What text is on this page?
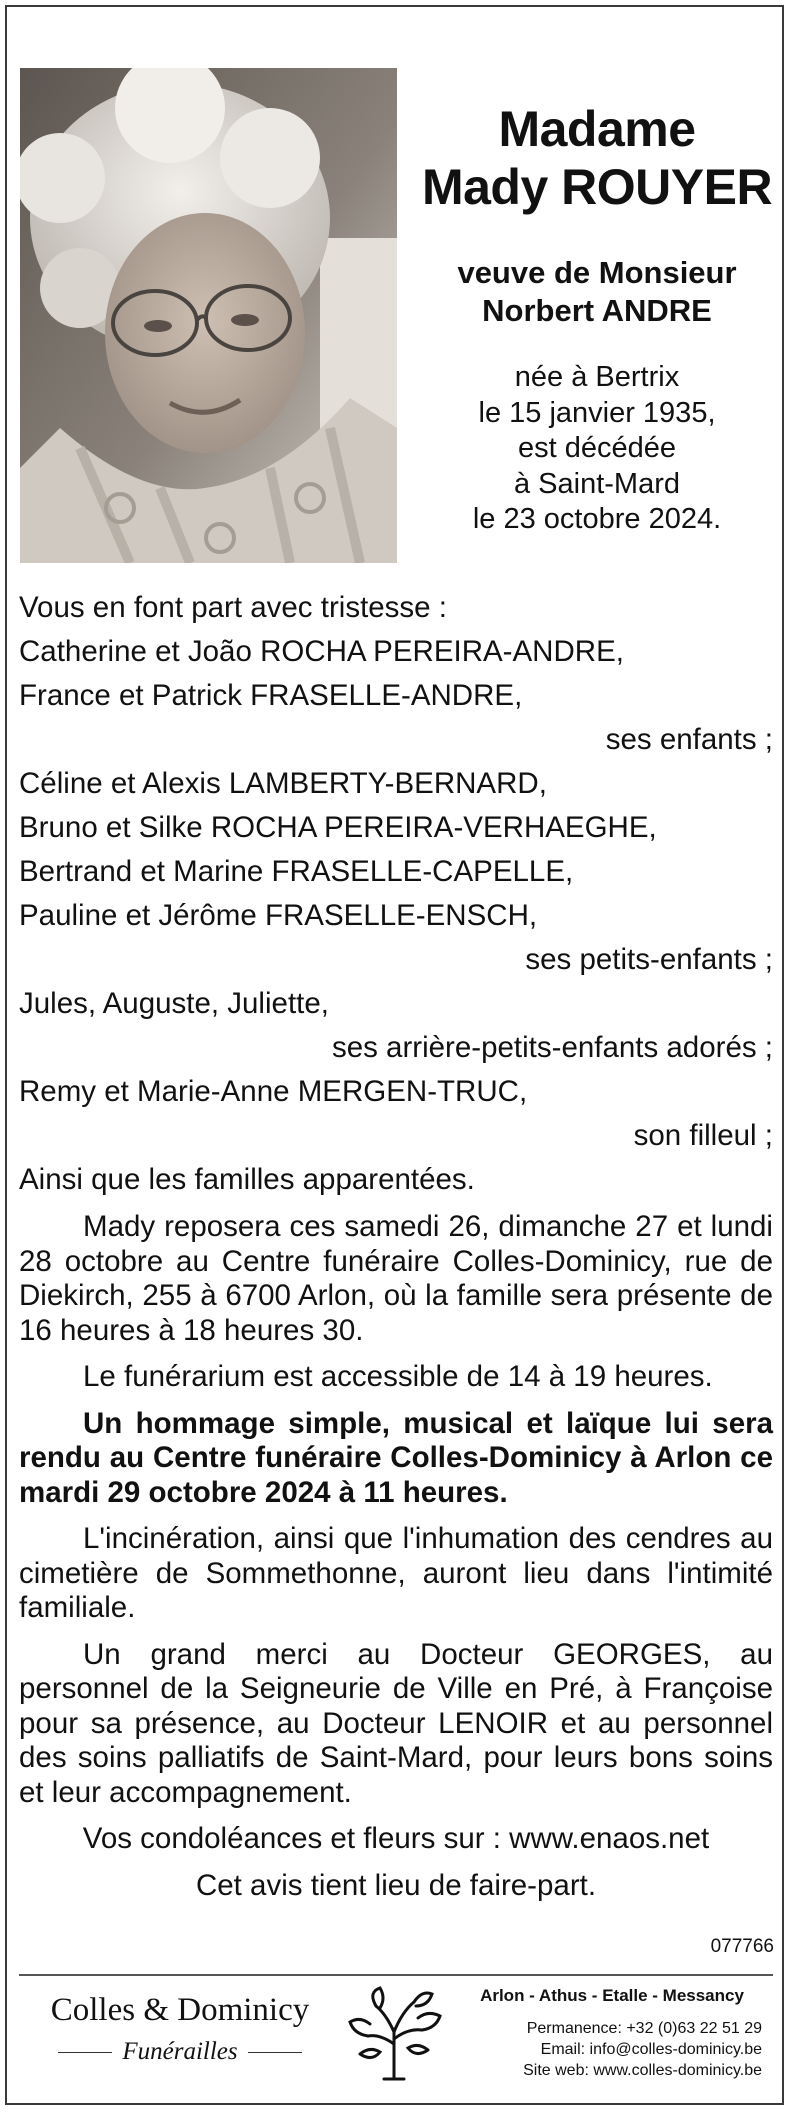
Madame
Mady ROUYER
veuve de Monsieur
Norbert ANDRE
née à Bertrix
le 15 janvier 1935,
est décédée
à Saint-Mard
le 23 octobre 2024.
Vous en font part avec tristesse :
Catherine et João ROCHA PEREIRA-ANDRE,
France et Patrick FRASELLE-ANDRE,
ses enfants ;
Céline et Alexis LAMBERTY-BERNARD,
Bruno et Silke ROCHA PEREIRA-VERHAEGHE,
Bertrand et Marine FRASELLE-CAPELLE,
Pauline et Jérôme FRASELLE-ENSCH,
ses petits-enfants ;
Jules, Auguste, Juliette,
ses arrière-petits-enfants adorés ;
Remy et Marie-Anne MERGEN-TRUC,
son filleul ;
Ainsi que les familles apparentées.

Mady reposera ces samedi 26, dimanche 27 et lundi 28 octobre au Centre funéraire Colles-Dominicy, rue de Diekirch, 255 à 6700 Arlon, où la famille sera présente de 16 heures à 18 heures 30.

Le funérarium est accessible de 14 à 19 heures.

Un hommage simple, musical et laïque lui sera rendu au Centre funéraire Colles-Dominicy à Arlon ce mardi 29 octobre 2024 à 11 heures.

L'incinération, ainsi que l'inhumation des cendres au cimetière de Sommethonne, auront lieu dans l'intimité familiale.

Un grand merci au Docteur GEORGES, au personnel de la Seigneurie de Ville en Pré, à Françoise pour sa présence, au Docteur LENOIR et au personnel des soins palliatifs de Saint-Mard, pour leurs bons soins et leur accompagnement.

Vos condoléances et fleurs sur : www.enaos.net

Cet avis tient lieu de faire-part.

077766
Colles & Dominicy
Funérailles
Arlon - Athus - Etalle - Messancy
Permanence: +32 (0)63 22 51 29
Email: info@colles-dominicy.be
Site web: www.colles-dominicy.be
